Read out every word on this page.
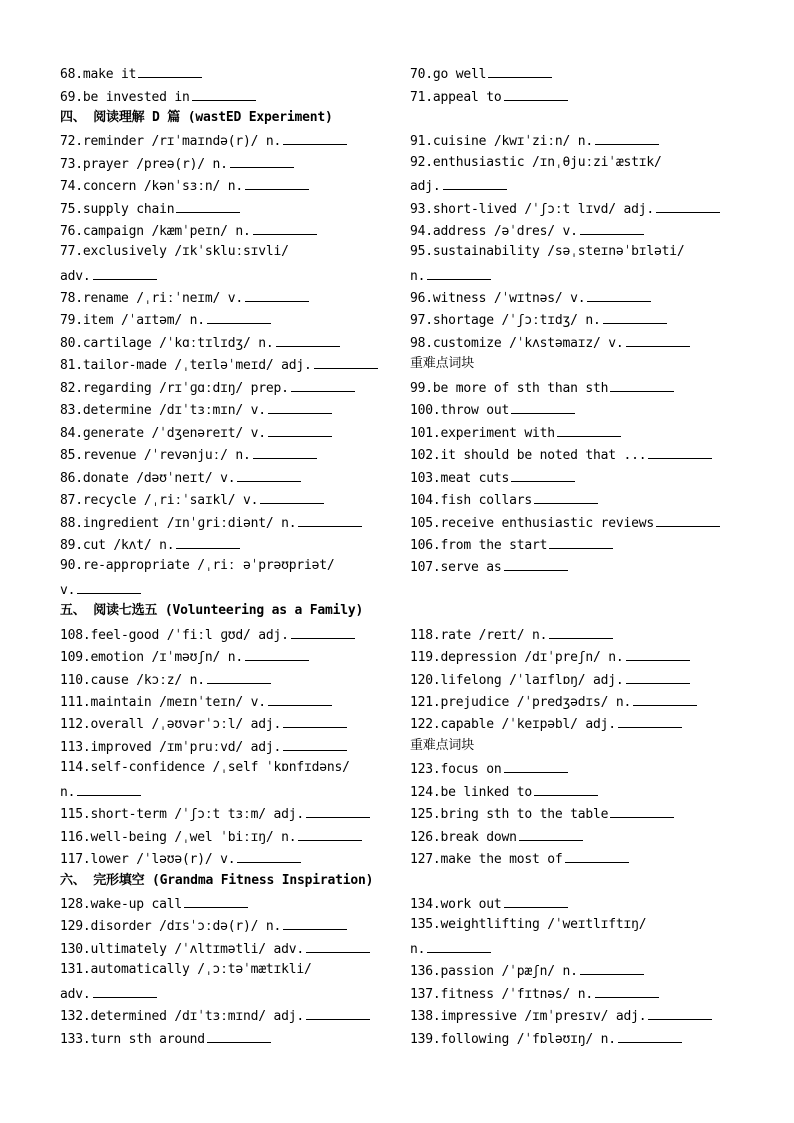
68.make it
69.be invested in
72.reminder /rɪˈmaɪndə(r)/ n.
73.prayer /preə(r)/ n.
74.concern /kənˈsɜːn/ n.
75.supply chain
76.campaign /kæmˈpeɪn/ n.
77.exclusively /ɪkˈskluːsɪvli/
adv.
78.rename /ˌriːˈneɪm/ v.
79.item /ˈaɪtəm/ n.
80.cartilage /ˈkɑːtɪlɪdʒ/ n.
81.tailor-made /ˌteɪləˈmeɪd/ adj.
82.regarding /rɪˈɡɑːdɪŋ/ prep.
83.determine /dɪˈtɜːmɪn/ v.
84.generate /ˈdʒenəreɪt/ v.
85.revenue /ˈrevənjuː/ n.
86.donate /dəʊˈneɪt/ v.
87.recycle /ˌriːˈsaɪkl/ v.
88.ingredient /ɪnˈɡriːdiənt/ n.
89.cut /kʌt/ n.
90.re-appropriate /ˌriː əˈprəʊpriət/
v.
108.feel-good /ˈfiːl ɡʊd/ adj.
109.emotion /ɪˈməʊʃn/ n.
110.cause /kɔːz/ n.
111.maintain /meɪnˈteɪn/ v.
112.overall /ˌəʊvərˈɔːl/ adj.
113.improved /ɪmˈpruːvd/ adj.
114.self-confidence /ˌself ˈkɒnfɪdəns/
n.
115.short-term /ˈʃɔːt tɜːm/ adj.
116.well-being /ˌwel ˈbiːɪŋ/ n.
117.lower /ˈləʊə(r)/ v.
128.wake-up call
129.disorder /dɪsˈɔːdə(r)/ n.
130.ultimately /ˈʌltɪmətli/ adv.
131.automatically /ˌɔːtəˈmætɪkli/
adv.
132.determined /dɪˈtɜːmɪnd/ adj.
133.turn sth around
70.go well
71.appeal to
91.cuisine /kwɪˈziːn/ n.
92.enthusiastic /ɪnˌθjuːziˈæstɪk/
adj.
93.short-lived /ˈʃɔːt lɪvd/ adj.
94.address /əˈdres/ v.
95.sustainability /səˌsteɪnəˈbɪləti/
n.
96.witness /ˈwɪtnəs/ v.
97.shortage /ˈʃɔːtɪdʒ/ n.
98.customize /ˈkʌstəmaɪz/ v.
重难点词块
99.be more of sth than sth
100.throw out
101.experiment with
102.it should be noted that ...
103.meat cuts
104.fish collars
105.receive enthusiastic reviews
106.from the start
107.serve as
118.rate /reɪt/ n.
119.depression /dɪˈpreʃn/ n.
120.lifelong /ˈlaɪflɒŋ/ adj.
121.prejudice /ˈpredʒədɪs/ n.
122.capable /ˈkeɪpəbl/ adj.
重难点词块
123.focus on
124.be linked to
125.bring sth to the table
126.break down
127.make the most of
134.work out
135.weightlifting /ˈweɪtlɪftɪŋ/
n.
136.passion /ˈpæʃn/ n.
137.fitness /ˈfɪtnəs/ n.
138.impressive /ɪmˈpresɪv/ adj.
139.following /ˈfɒləʊɪŋ/ n.
四、 阅读理解 D 篇 (wastED Experiment)
五、 阅读七选五 (Volunteering as a Family)
六、 完形填空 (Grandma Fitness Inspiration)
